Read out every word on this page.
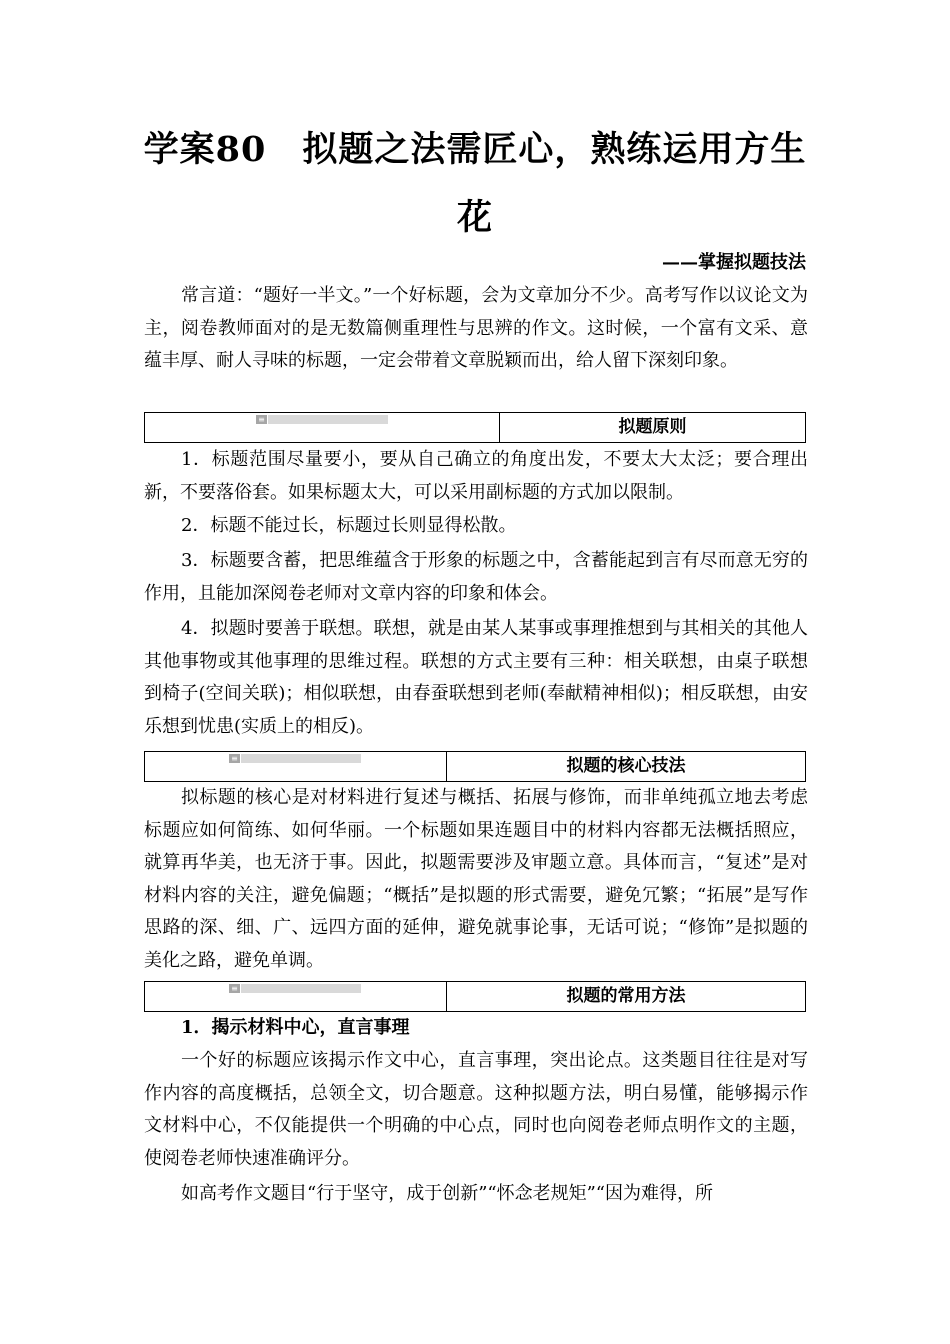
学案80　拟题之法需匠心，熟练运用方生
花
——掌握拟题技法

常言道：“题好一半文。”一个好标题，会为文章加分不少。高考写作以议论文为主，阅卷教师面对的是无数篇侧重理性与思辨的作文。这时候，一个富有文采、意蕴丰厚、耐人寻味的标题，一定会带着文章脱颖而出，给人留下深刻印象。

≡	拟题原则

1．标题范围尽量要小，要从自己确立的角度出发，不要太大太泛；要合理出新，不要落俗套。如果标题太大，可以采用副标题的方式加以限制。

2．标题不能过长，标题过长则显得松散。

3．标题要含蓄，把思维蕴含于形象的标题之中，含蓄能起到言有尽而意无穷的作用，且能加深阅卷老师对文章内容的印象和体会。

4．拟题时要善于联想。联想，就是由某人某事或事理推想到与其相关的其他人其他事物或其他事理的思维过程。联想的方式主要有三种：相关联想，由桌子联想到椅子(空间关联)；相似联想，由春蚕联想到老师(奉献精神相似)；相反联想，由安乐想到忧患(实质上的相反)。

≡	拟题的核心技法

拟标题的核心是对材料进行复述与概括、拓展与修饰，而非单纯孤立地去考虑标题应如何简练、如何华丽。一个标题如果连题目中的材料内容都无法概括照应，就算再华美，也无济于事。因此，拟题需要涉及审题立意。具体而言，“复述”是对材料内容的关注，避免偏题；“概括”是拟题的形式需要，避免冗繁；“拓展”是写作思路的深、细、广、远四方面的延伸，避免就事论事，无话可说；“修饰”是拟题的美化之路，避免单调。

≡	拟题的常用方法

1．揭示材料中心，直言事理

一个好的标题应该揭示作文中心，直言事理，突出论点。这类题目往往是对写作内容的高度概括，总领全文，切合题意。这种拟题方法，明白易懂，能够揭示作文材料中心，不仅能提供一个明确的中心点，同时也向阅卷老师点明作文的主题，使阅卷老师快速准确评分。

如高考作文题目“行于坚守，成于创新”“怀念老规矩”“因为难得，所
